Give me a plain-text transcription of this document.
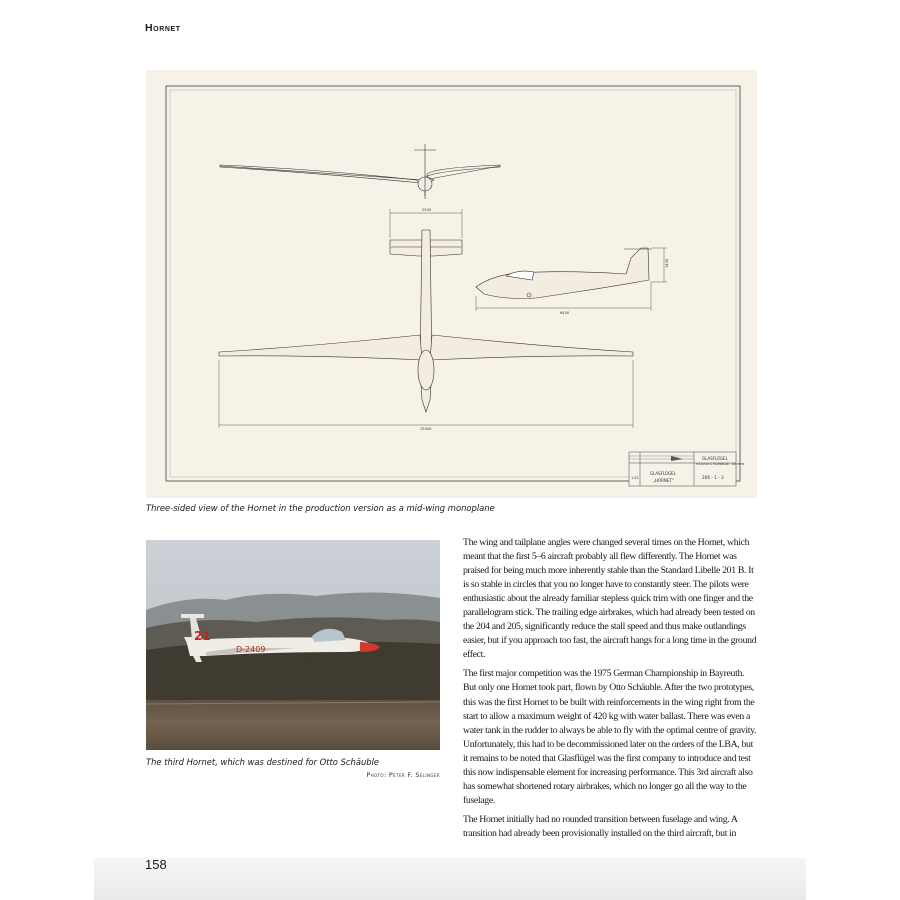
Hornet
2500
6430
15000
1435
GLASFLÜGEL
HOLIGHAUS & HILLENBRAND · KIRCHHEIM
GLASFLÜGEL
„HORNET"
206 - 1 - 3
1:25
Three-sided view of the Hornet in the production version as a mid-wing monoplane
21
D-2409
The third Hornet, which was destined for Otto Schäuble
Photo: Peter F. Selinger

The wing and tailplane angles were changed several times on the Hornet, which meant that the first 5–6 aircraft probably all flew differently. The Hornet was praised for being much more inherently stable than the Standard Libelle 201 B. It is so stable in circles that you no longer have to constantly steer. The pilots were enthusiastic about the already familiar stepless quick trim with one finger and the parallelogram stick. The trailing edge airbrakes, which had already been tested on the 204 and 205, significantly reduce the stall speed and thus make outlandings easier, but if you approach too fast, the aircraft hangs for a long time in the ground effect.

The first major competition was the 1975 German Championship in Bayreuth. But only one Hornet took part, flown by Otto Schäuble. After the two prototypes, this was the first Hornet to be built with reinforcements in the wing right from the start to allow a maximum weight of 420 kg with water ballast. There was even a water tank in the rudder to always be able to fly with the optimal centre of gravity. Unfortunately, this had to be decommissioned later on the orders of the LBA, but it remains to be noted that Glasflügel was the first company to introduce and test this now indispensable element for increasing performance. This 3rd aircraft also has somewhat shortened rotary airbrakes, which no longer go all the way to the fuselage.

The Hornet initially had no rounded transition between fuselage and wing. A transition had already been provisionally installed on the third aircraft, but in

158
